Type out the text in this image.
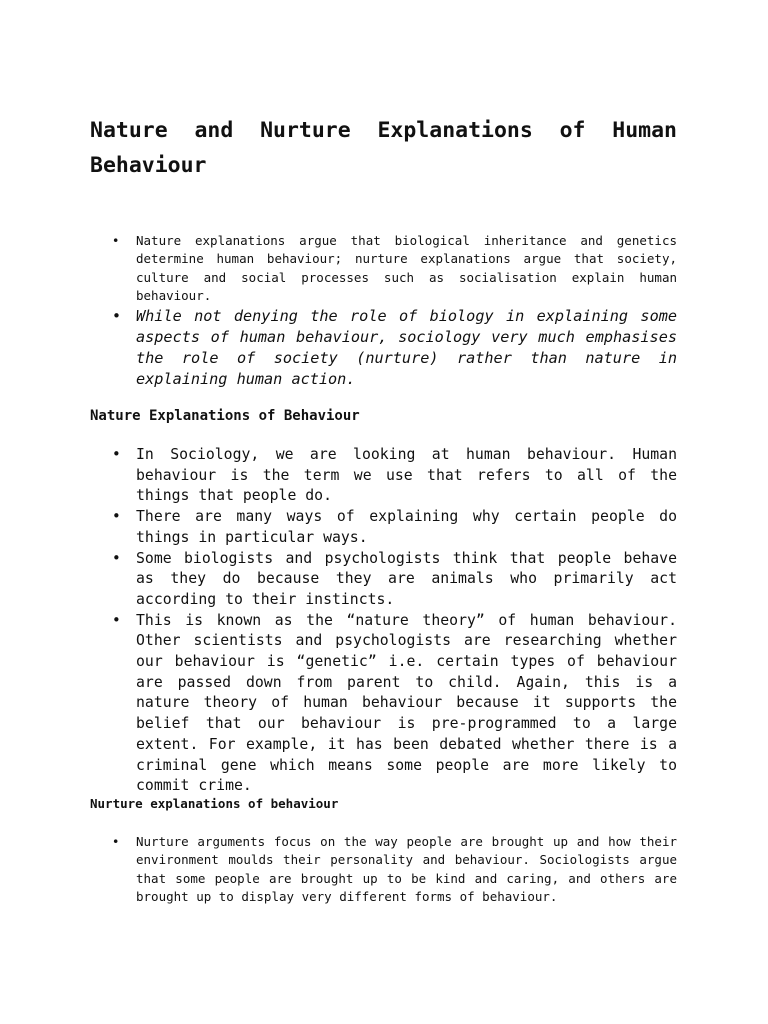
Nature and Nurture Explanations of Human Behaviour
• Nature explanations argue that biological inheritance and genetics determine human behaviour; nurture explanations argue that society, culture and social processes such as socialisation explain human behaviour.
• While not denying the role of biology in explaining some aspects of human behaviour, sociology very much emphasises the role of society (nurture) rather than nature in explaining human action.
Nature Explanations of Behaviour
• In Sociology, we are looking at human behaviour. Human behaviour is the term we use that refers to all of the things that people do.
• There are many ways of explaining why certain people do things in particular ways.
• Some biologists and psychologists think that people behave as they do because they are animals who primarily act according to their instincts.
• This is known as the “nature theory” of human behaviour. Other scientists and psychologists are researching whether our behaviour is “genetic” i.e. certain types of behaviour are passed down from parent to child. Again, this is a nature theory of human behaviour because it supports the belief that our behaviour is pre-programmed to a large extent. For example, it has been debated whether there is a criminal gene which means some people are more likely to commit crime.
Nurture explanations of behaviour
• Nurture arguments focus on the way people are brought up and how their environment moulds their personality and behaviour. Sociologists argue that some people are brought up to be kind and caring, and others are brought up to display very different forms of behaviour.
